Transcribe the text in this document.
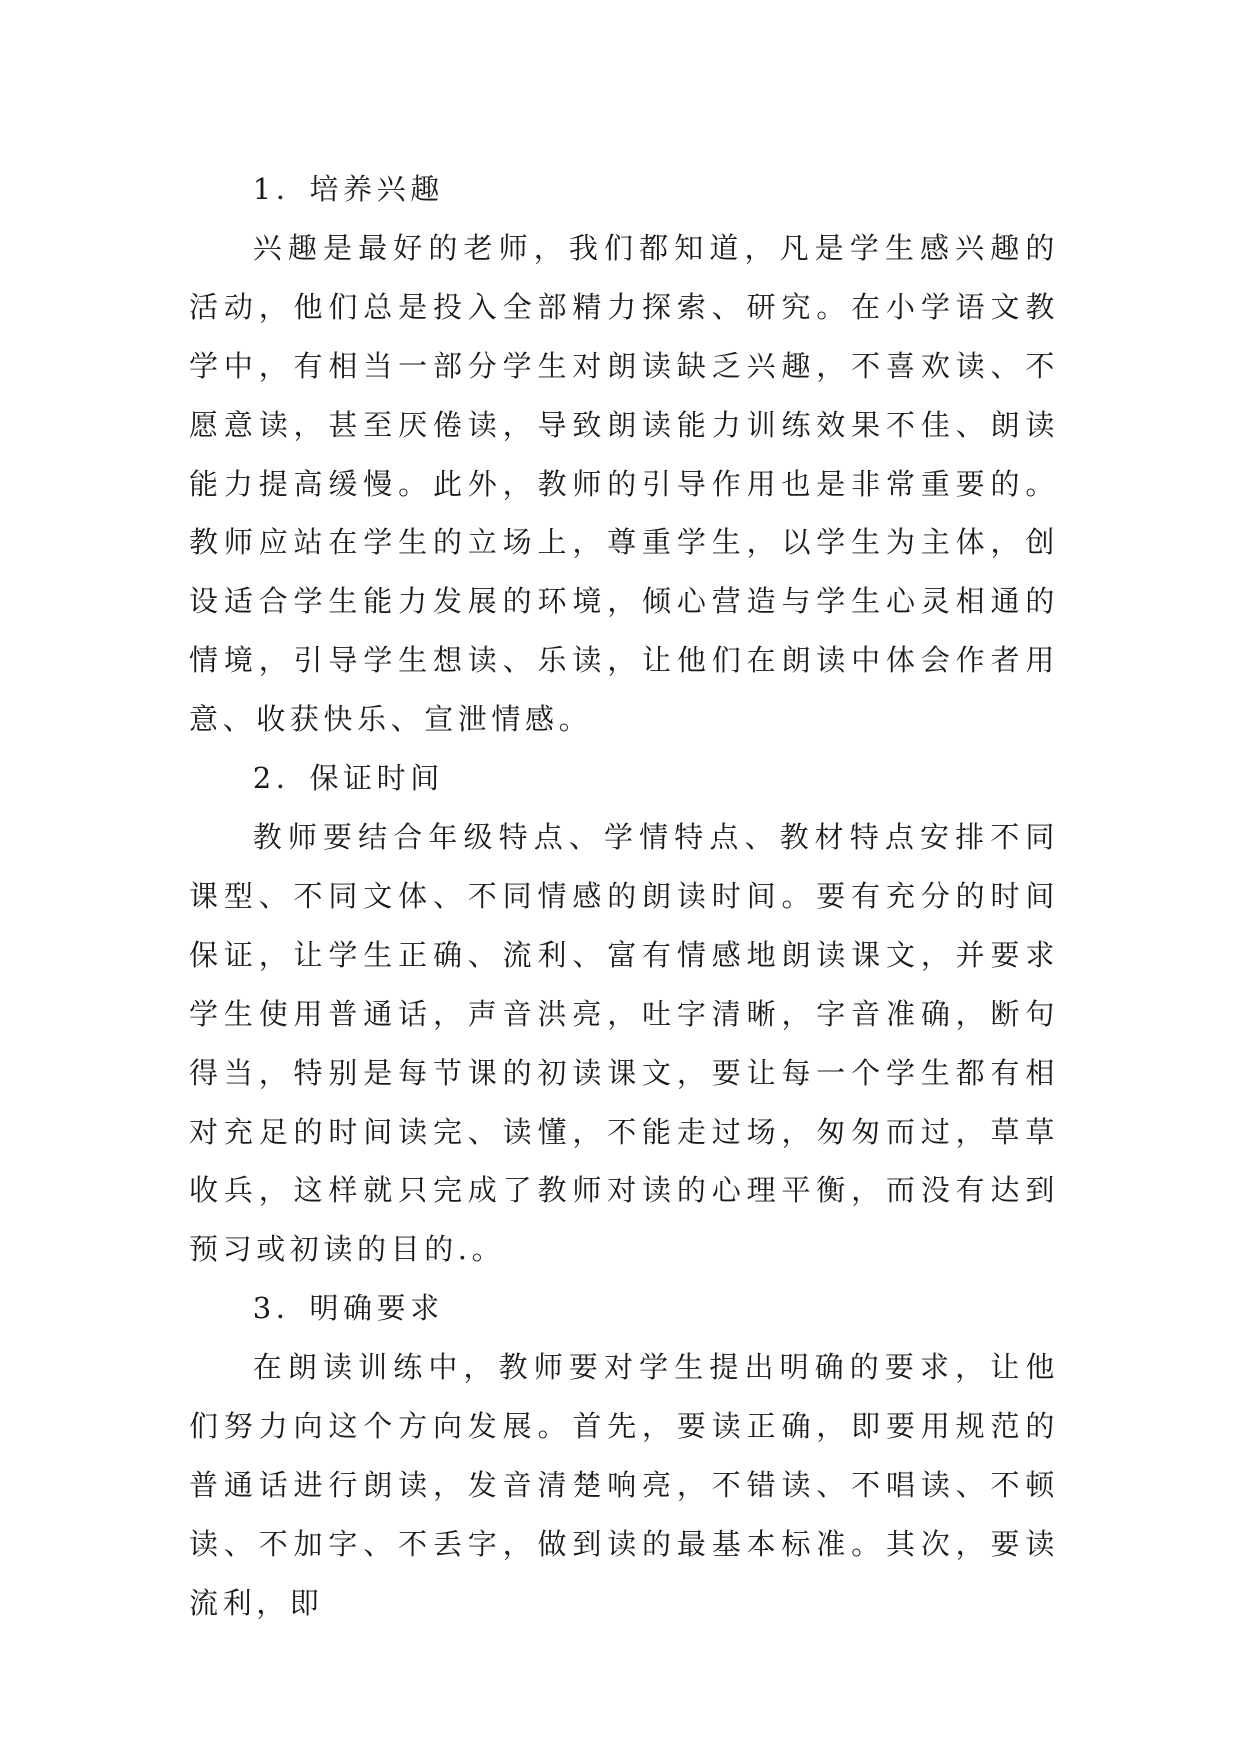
1．培养兴趣

兴趣是最好的老师，我们都知道，凡是学生感兴趣的活动，他们总是投入全部精力探索、研究。在小学语文教学中，有相当一部分学生对朗读缺乏兴趣，不喜欢读、不愿意读，甚至厌倦读，导致朗读能力训练效果不佳、朗读能力提高缓慢。此外，教师的引导作用也是非常重要的。教师应站在学生的立场上，尊重学生，以学生为主体，创设适合学生能力发展的环境，倾心营造与学生心灵相通的情境，引导学生想读、乐读，让他们在朗读中体会作者用意、收获快乐、宣泄情感。

2．保证时间

教师要结合年级特点、学情特点、教材特点安排不同课型、不同文体、不同情感的朗读时间。要有充分的时间保证，让学生正确、流利、富有情感地朗读课文，并要求学生使用普通话，声音洪亮，吐字清晰，字音准确，断句得当，特别是每节课的初读课文，要让每一个学生都有相对充足的时间读完、读懂，不能走过场，匆匆而过，草草收兵，这样就只完成了教师对读的心理平衡，而没有达到预习或初读的目的.。

3．明确要求

在朗读训练中，教师要对学生提出明确的要求，让他们努力向这个方向发展。首先，要读正确，即要用规范的普通话进行朗读，发音清楚响亮，不错读、不唱读、不顿读、不加字、不丢字，做到读的最基本标准。其次，要读流利，即
